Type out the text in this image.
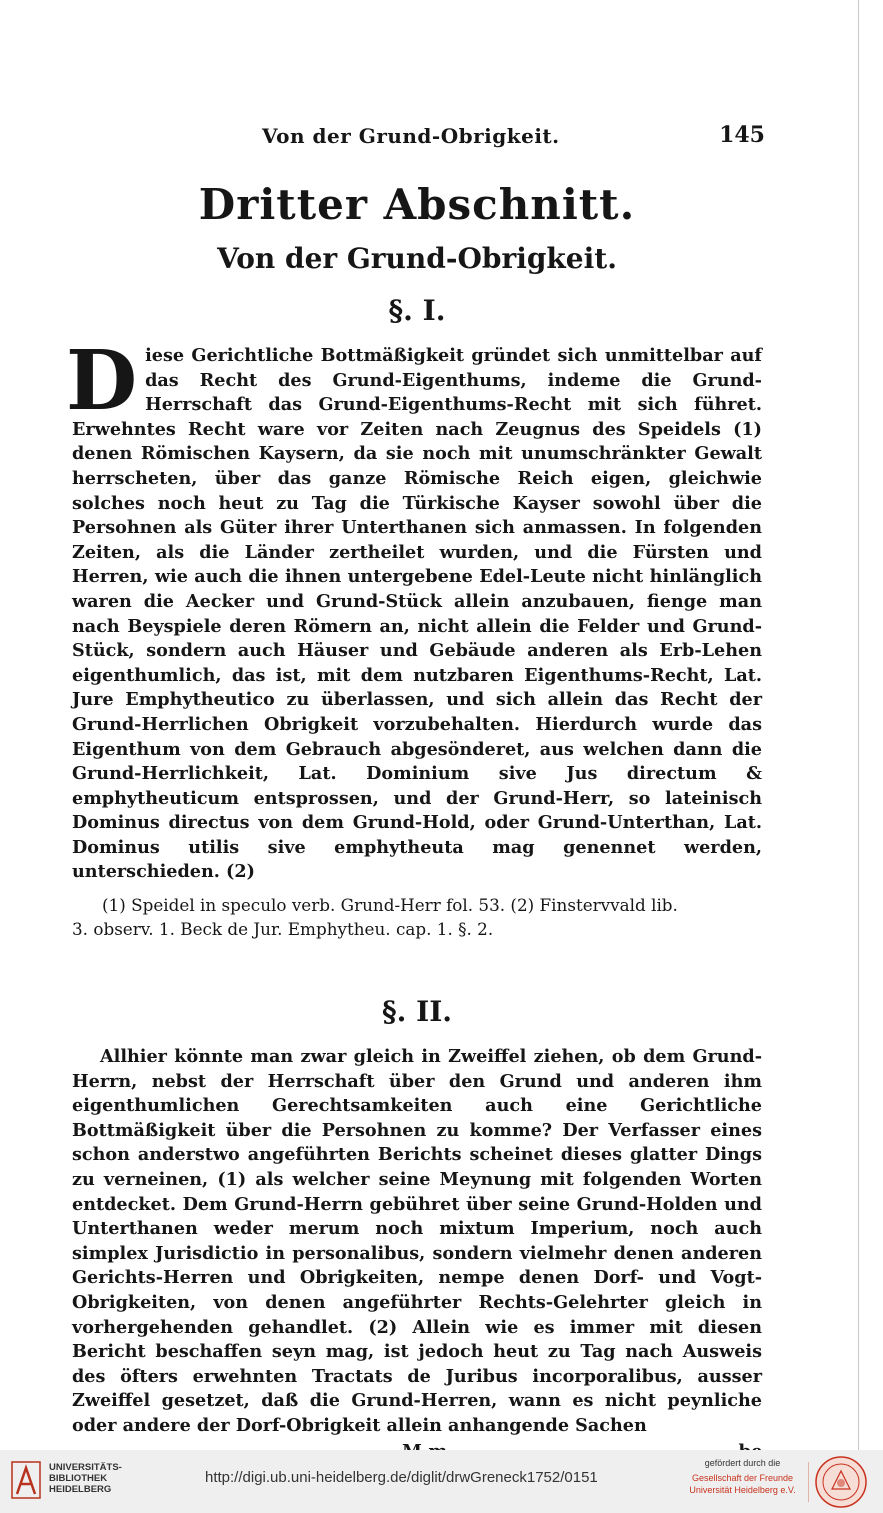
Von der Grund-Obrigkeit.	145
Dritter Abschnitt.
Von der Grund-Obrigkeit.
§. I.
Diese Gerichtliche Bottmäßigkeit gründet sich unmittelbar auf das Recht des Grund-Eigenthums, indeme die Grund-Herrschaft das Grund-Eigenthums-Recht mit sich führet. Erwehntes Recht ware vor Zeiten nach Zeugnus des Speidels (1) denen Römischen Kaysern, da sie noch mit unumschränkter Gewalt herrscheten, über das ganze Römische Reich eigen, gleichwie solches noch heut zu Tag die Türkische Kayser sowohl über die Persohnen als Güter ihrer Unterthanen sich anmassen. In folgenden Zeiten, als die Länder zertheilet wurden, und die Fürsten und Herren, wie auch die ihnen untergebene Edel-Leute nicht hinlänglich waren die Aecker und Grund-Stück allein anzubauen, fienge man nach Beyspiele deren Römern an, nicht allein die Felder und Grund-Stück, sondern auch Häuser und Gebäude anderen als Erb-Lehen eigenthumlich, das ist, mit dem nutzbaren Eigenthums-Recht, Lat. Jure Emphytheutico zu überlassen, und sich allein das Recht der Grund-Herrlichen Obrigkeit vorzubehalten. Hierdurch wurde das Eigenthum von dem Gebrauch abgesönderet, aus welchen dann die Grund-Herrlichkeit, Lat. Dominium sive Jus directum & emphytheuticum entsprossen, und der Grund-Herr, so lateinisch Dominus directus von dem Grund-Hold, oder Grund-Unterthan, Lat. Dominus utilis sive emphytheuta mag genennet werden, unterschieden. (2)
(1) Speidel in speculo verb. Grund-Herr fol. 53. (2) Finstervvald lib.
3. observ. 1. Beck de Jur. Emphytheu. cap. 1. §. 2.
§. II.
Allhier könnte man zwar gleich in Zweiffel ziehen, ob dem Grund-Herrn, nebst der Herrschaft über den Grund und anderen ihm eigenthumlichen Gerechtsamkeiten auch eine Gerichtliche Bottmäßigkeit über die Persohnen zu komme? Der Verfasser eines schon anderstwo angeführten Berichts scheinet dieses glatter Dings zu verneinen, (1) als welcher seine Meynung mit folgenden Worten entdecket. Dem Grund-Herrn gebühret über seine Grund-Holden und Unterthanen weder merum noch mixtum Imperium, noch auch simplex Jurisdictio in personalibus, sondern vielmehr denen anderen Gerichts-Herren und Obrigkeiten, nempe denen Dorf- und Vogt-Obrigkeiten, von denen angeführter Rechts-Gelehrter gleich in vorhergehenden gehandlet. (2) Allein wie es immer mit diesen Bericht beschaffen seyn mag, ist jedoch heut zu Tag nach Ausweis des öfters erwehnten Tractats de Juribus incorporalibus, ausser Zweiffel gesetzet, daß die Grund-Herren, wann es nicht peynliche oder andere der Dorf-Obrigkeit allein anhangende Sachen
UNIVERSITÄTS-
BIBLIOTHEK
HEIDELBERG
http://digi.ub.uni-heidelberg.de/diglit/drwGreneck1752/0151
gefördert durch die
Gesellschaft der Freunde
Universität Heidelberg e.V.
